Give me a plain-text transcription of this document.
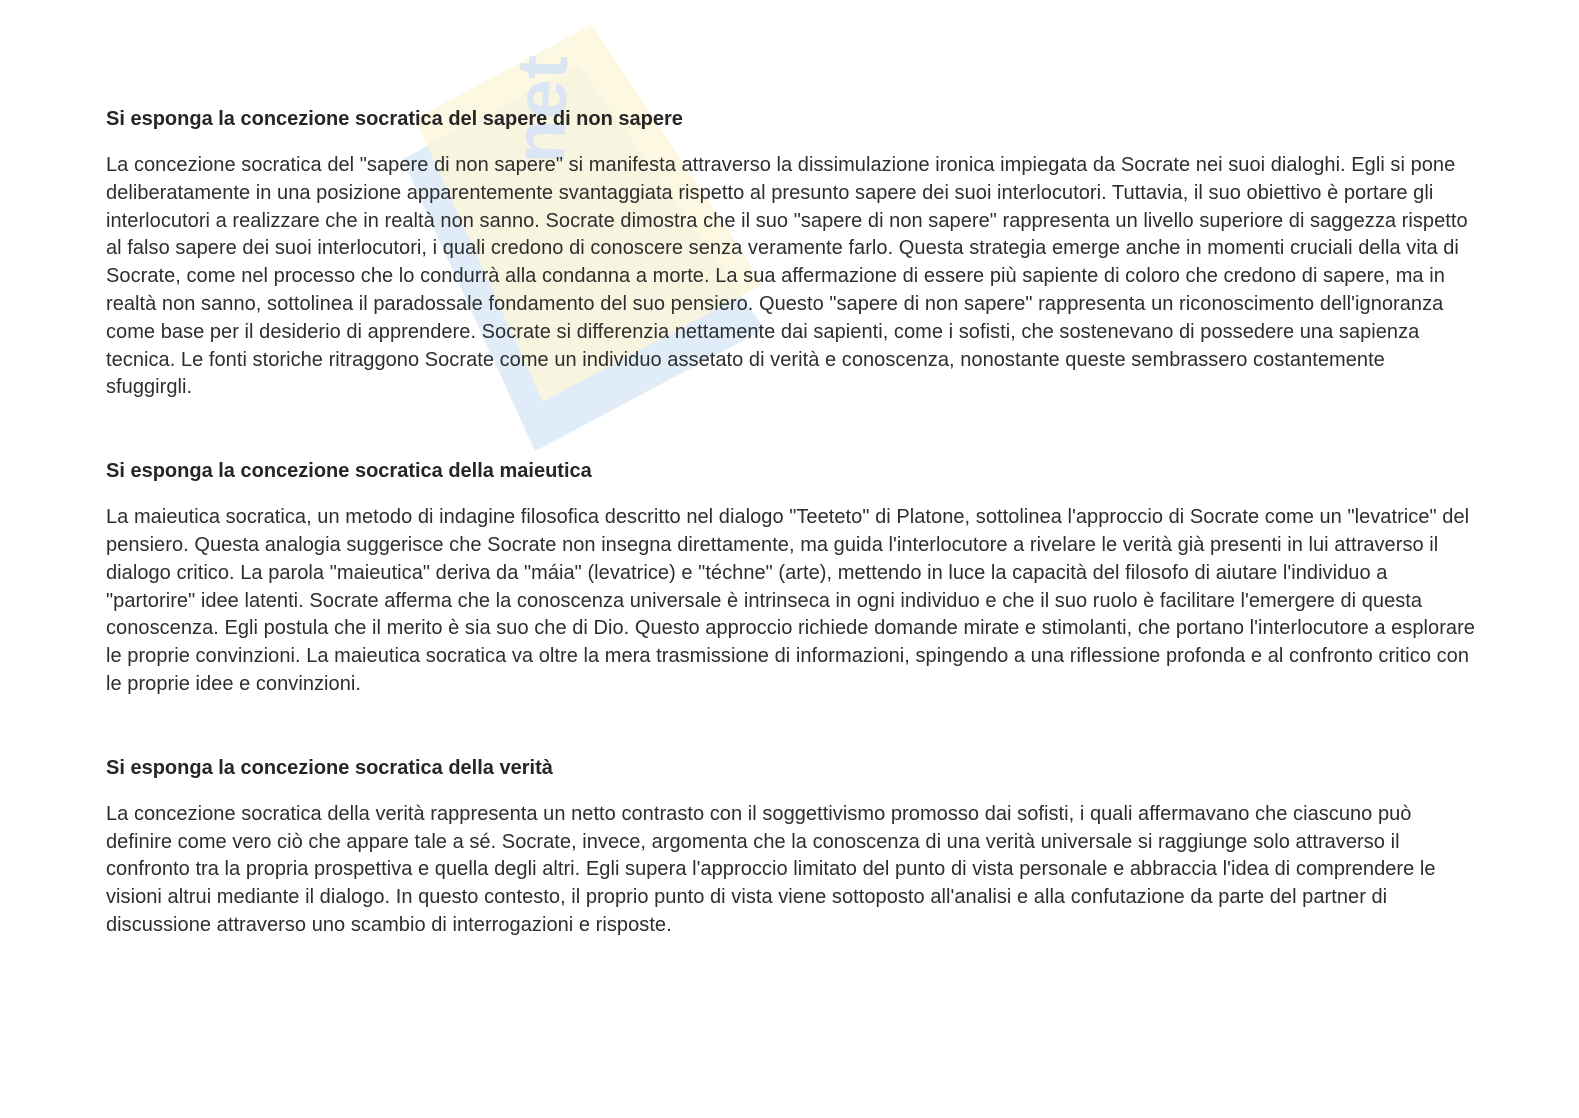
net
Si esponga la concezione socratica del sapere di non sapere

La concezione socratica del "sapere di non sapere" si manifesta attraverso la dissimulazione ironica impiegata da Socrate nei suoi dialoghi. Egli si pone deliberatamente in una posizione apparentemente svantaggiata rispetto al presunto sapere dei suoi interlocutori. Tuttavia, il suo obiettivo è portare gli interlocutori a realizzare che in realtà non sanno. Socrate dimostra che il suo "sapere di non sapere" rappresenta un livello superiore di saggezza rispetto al falso sapere dei suoi interlocutori, i quali credono di conoscere senza veramente farlo. Questa strategia emerge anche in momenti cruciali della vita di Socrate, come nel processo che lo condurrà alla condanna a morte. La sua affermazione di essere più sapiente di coloro che credono di sapere, ma in realtà non sanno, sottolinea il paradossale fondamento del suo pensiero. Questo "sapere di non sapere" rappresenta un riconoscimento dell'ignoranza come base per il desiderio di apprendere. Socrate si differenzia nettamente dai sapienti, come i sofisti, che sostenevano di possedere una sapienza tecnica. Le fonti storiche ritraggono Socrate come un individuo assetato di verità e conoscenza, nonostante queste sembrassero costantemente sfuggirgli.

Si esponga la concezione socratica della maieutica

La maieutica socratica, un metodo di indagine filosofica descritto nel dialogo "Teeteto" di Platone, sottolinea l'approccio di Socrate come un "levatrice" del pensiero. Questa analogia suggerisce che Socrate non insegna direttamente, ma guida l'interlocutore a rivelare le verità già presenti in lui attraverso il dialogo critico. La parola "maieutica" deriva da "máia" (levatrice) e "téchne" (arte), mettendo in luce la capacità del filosofo di aiutare l'individuo a "partorire" idee latenti. Socrate afferma che la conoscenza universale è intrinseca in ogni individuo e che il suo ruolo è facilitare l'emergere di questa conoscenza. Egli postula che il merito è sia suo che di Dio. Questo approccio richiede domande mirate e stimolanti, che portano l'interlocutore a esplorare le proprie convinzioni. La maieutica socratica va oltre la mera trasmissione di informazioni, spingendo a una riflessione profonda e al confronto critico con le proprie idee e convinzioni.

Si esponga la concezione socratica della verità

La concezione socratica della verità rappresenta un netto contrasto con il soggettivismo promosso dai sofisti, i quali affermavano che ciascuno può definire come vero ciò che appare tale a sé. Socrate, invece, argomenta che la conoscenza di una verità universale si raggiunge solo attraverso il confronto tra la propria prospettiva e quella degli altri. Egli supera l'approccio limitato del punto di vista personale e abbraccia l'idea di comprendere le visioni altrui mediante il dialogo. In questo contesto, il proprio punto di vista viene sottoposto all'analisi e alla confutazione da parte del partner di discussione attraverso uno scambio di interrogazioni e risposte.
